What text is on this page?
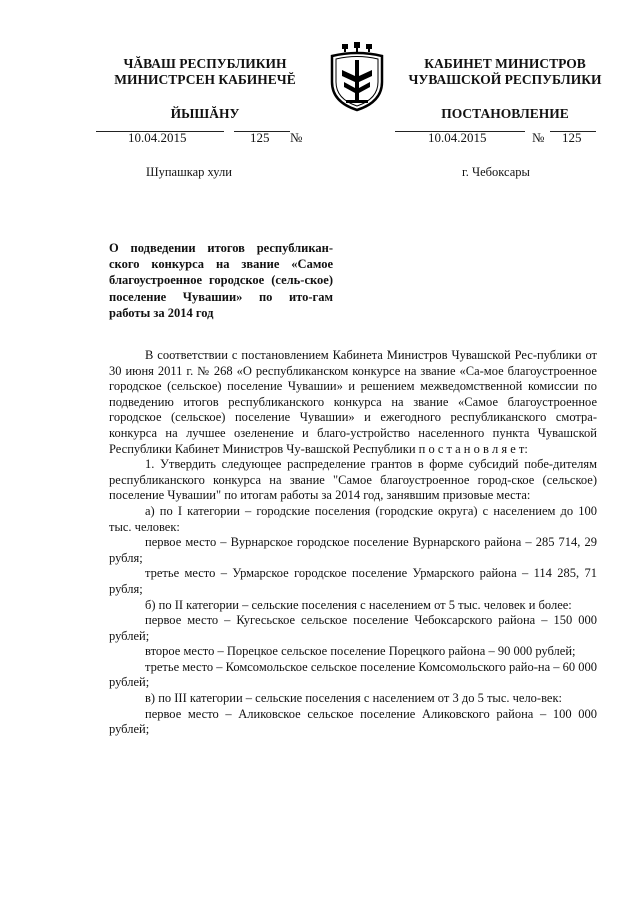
ЧĂВАШ РЕСПУБЛИКИН
МИНИСТРСЕН КАБИНЕЧĔ
ЙЫШĂНУ
КАБИНЕТ МИНИСТРОВ
ЧУВАШСКОЙ РЕСПУБЛИКИ
ПОСТАНОВЛЕНИЕ
10.04.2015	125 №	10.04.2015	№ 125
Шупашкар хули	г. Чебоксары
О подведении итогов республикан-ского конкурса на звание «Самое благоустроенное городское (сель-ское) поселение Чувашии» по ито-гам работы за 2014 год

В соответствии с постановлением Кабинета Министров Чувашской Рес-публики от 30 июня 2011 г. № 268 «О республиканском конкурсе на звание «Са-мое благоустроенное городское (сельское) поселение Чувашии» и решением межведомственной комиссии по подведению итогов республиканского конкурса на звание «Самое благоустроенное городское (сельское) поселение Чувашии» и ежегодного республиканского смотра-конкурса на лучшее озеленение и благо-устройство населенного пункта Чувашской Республики Кабинет Министров Чу-вашской Республики п о с т а н о в л я е т:

1. Утвердить следующее распределение грантов в форме субсидий побе-дителям республиканского конкурса на звание "Самое благоустроенное город-ское (сельское) поселение Чувашии" по итогам работы за 2014 год, занявшим призовые места:

а) по I категории – городские поселения (городские округа) с населением до 100 тыс. человек:

первое место – Вурнарское городское поселение Вурнарского района – 285 714, 29 рубля;

третье место – Урмарское городское поселение Урмарского района – 114 285, 71 рубля;

б) по II категории – сельские поселения с населением от 5 тыс. человек и более:

первое место – Кугесьское сельское поселение Чебоксарского района – 150 000 рублей;

второе место – Порецкое сельское поселение Порецкого района – 90 000 рублей;

третье место – Комсомольское сельское поселение Комсомольского райо-на – 60 000 рублей;

в) по III категории – сельские поселения с населением от 3 до 5 тыс. чело-век:

первое место – Аликовское сельское поселение Аликовского района – 100 000 рублей;
